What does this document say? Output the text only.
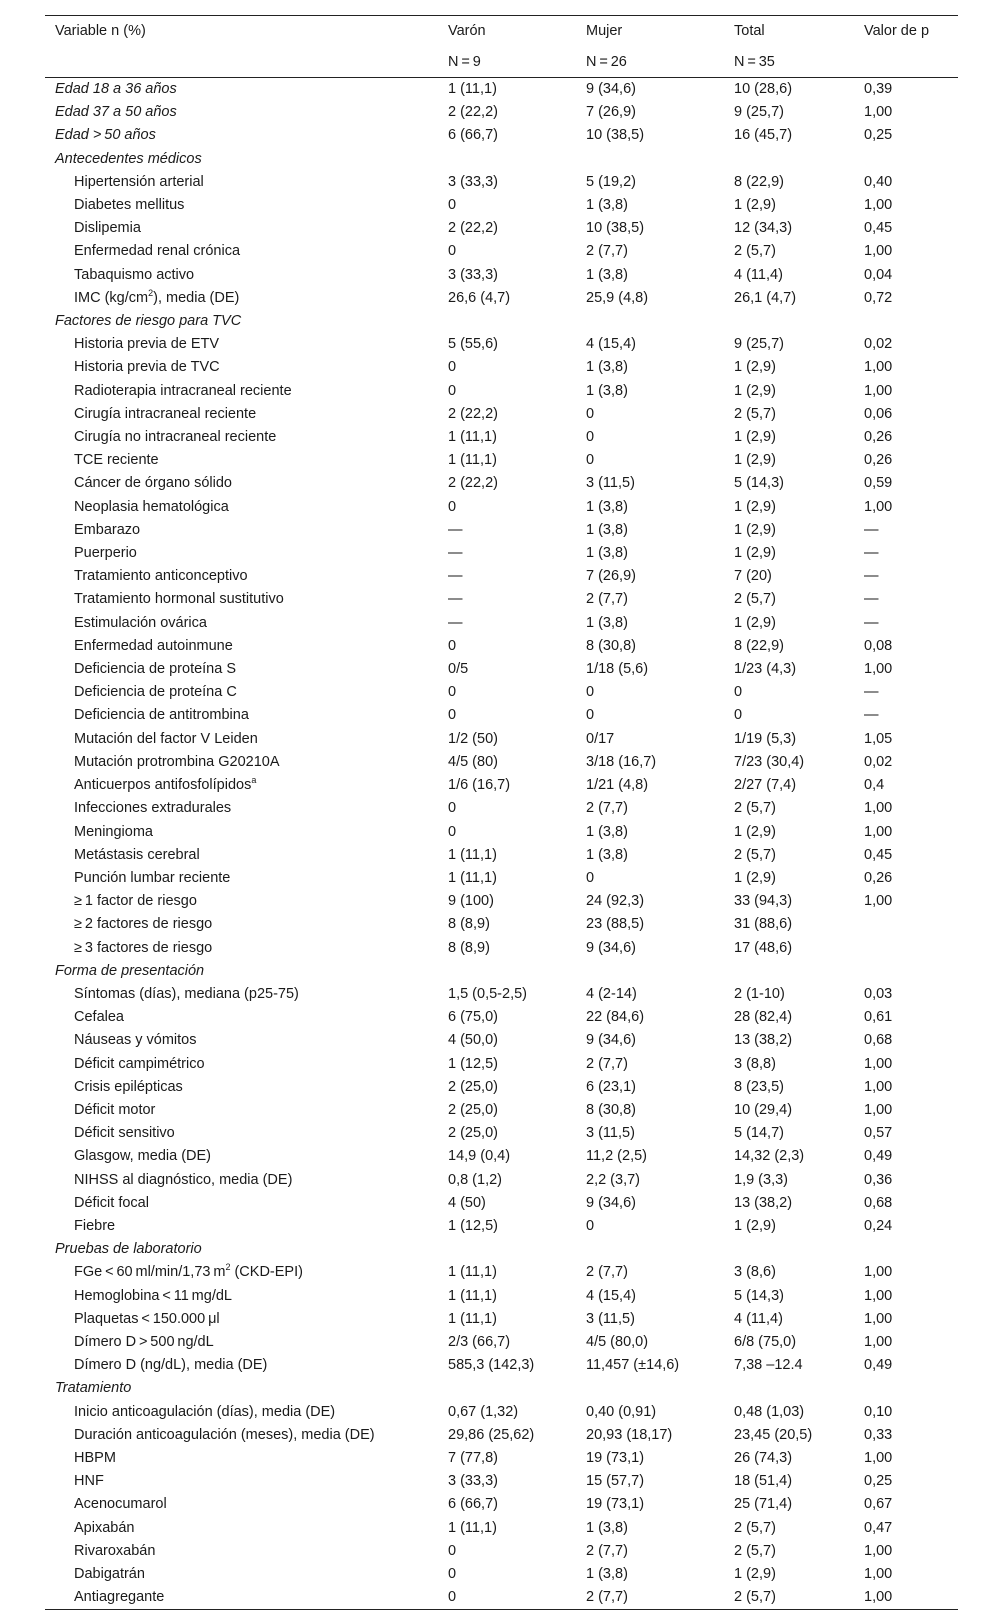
Variable n (%)	Varón	Mujer	Total	Valor de p
	N = 9	N = 26	N = 35	
Edad 18 a 36 años	1 (11,1)	9 (34,6)	10 (28,6)	0,39
Edad 37 a 50 años	2 (22,2)	7 (26,9)	9 (25,7)	1,00
Edad > 50 años	6 (66,7)	10 (38,5)	16 (45,7)	0,25
Antecedentes médicos				
Hipertensión arterial	3 (33,3)	5 (19,2)	8 (22,9)	0,40
Diabetes mellitus	0	1 (3,8)	1 (2,9)	1,00
Dislipemia	2 (22,2)	10 (38,5)	12 (34,3)	0,45
Enfermedad renal crónica	0	2 (7,7)	2 (5,7)	1,00
Tabaquismo activo	3 (33,3)	1 (3,8)	4 (11,4)	0,04
IMC $(kg/cm^2)$, media (DE)	26,6 (4,7)	25,9 (4,8)	26,1 (4,7)	0,72
Factores de riesgo para TVC				
Historia previa de ETV	5 (55,6)	4 (15,4)	9 (25,7)	0,02
Historia previa de TVC	0	1 (3,8)	1 (2,9)	1,00
Radioterapia intracraneal reciente	0	1 (3,8)	1 (2,9)	1,00
Cirugía intracraneal reciente	2 (22,2)	0	2 (5,7)	0,06
Cirugía no intracraneal reciente	1 (11,1)	0	1 (2,9)	0,26
TCE reciente	1 (11,1)	0	1 (2,9)	0,26
Cáncer de órgano sólido	2 (22,2)	3 (11,5)	5 (14,3)	0,59
Neoplasia hematológica	0	1 (3,8)	1 (2,9)	1,00
Embarazo	—	1 (3,8)	1 (2,9)	—
Puerperio	—	1 (3,8)	1 (2,9)	—
Tratamiento anticonceptivo	—	7 (26,9)	7 (20)	—
Tratamiento hormonal sustitutivo	—	2 (7,7)	2 (5,7)	—
Estimulación ovárica	—	1 (3,8)	1 (2,9)	—
Enfermedad autoinmune	0	8 (30,8)	8 (22,9)	0,08
Deficiencia de proteína S	0/5	1/18 (5,6)	1/23 (4,3)	1,00
Deficiencia de proteína C	0	0	0	—
Deficiencia de antitrombina	0	0	0	—
Mutación del factor V Leiden	1/2 (50)	0/17	1/19 (5,3)	1,05
Mutación protrombina G20210A	4/5 (80)	3/18 (16,7)	7/23 (30,4)	0,02
Anticuerpos antifosfolípidos$^a$	1/6 (16,7)	1/21 (4,8)	2/27 (7,4)	0,4
Infecciones extradurales	0	2 (7,7)	2 (5,7)	1,00
Meningioma	0	1 (3,8)	1 (2,9)	1,00
Metástasis cerebral	1 (11,1)	1 (3,8)	2 (5,7)	0,45
Punción lumbar reciente	1 (11,1)	0	1 (2,9)	0,26
≥ 1 factor de riesgo	9 (100)	24 (92,3)	33 (94,3)	1,00
≥ 2 factores de riesgo	8 (8,9)	23 (88,5)	31 (88,6)	
≥ 3 factores de riesgo	8 (8,9)	9 (34,6)	17 (48,6)	
Forma de presentación				
Síntomas (días), mediana (p25-75)	1,5 (0,5-2,5)	4 (2-14)	2 (1-10)	0,03
Cefalea	6 (75,0)	22 (84,6)	28 (82,4)	0,61
Náuseas y vómitos	4 (50,0)	9 (34,6)	13 (38,2)	0,68
Déficit campimétrico	1 (12,5)	2 (7,7)	3 (8,8)	1,00
Crisis epilépticas	2 (25,0)	6 (23,1)	8 (23,5)	1,00
Déficit motor	2 (25,0)	8 (30,8)	10 (29,4)	1,00
Déficit sensitivo	2 (25,0)	3 (11,5)	5 (14,7)	0,57
Glasgow, media (DE)	14,9 (0,4)	11,2 (2,5)	14,32 (2,3)	0,49
NIHSS al diagnóstico, media (DE)	0,8 (1,2)	2,2 (3,7)	1,9 (3,3)	0,36
Déficit focal	4 (50)	9 (34,6)	13 (38,2)	0,68
Fiebre	1 (12,5)	0	1 (2,9)	0,24
Pruebas de laboratorio				
FGe < 60 ml/min/1,73 $m^2$ (CKD-EPI)	1 (11,1)	2 (7,7)	3 (8,6)	1,00
Hemoglobina < 11 mg/dL	1 (11,1)	4 (15,4)	5 (14,3)	1,00
Plaquetas < 150.000 μl	1 (11,1)	3 (11,5)	4 (11,4)	1,00
Dímero D > 500 ng/dL	2/3 (66,7)	4/5 (80,0)	6/8 (75,0)	1,00
Dímero D (ng/dL), media (DE)	585,3 (142,3)	11,457 (±14,6)	7,38 –12.4	0,49
Tratamiento				
Inicio anticoagulación (días), media (DE)	0,67 (1,32)	0,40 (0,91)	0,48 (1,03)	0,10
Duración anticoagulación (meses), media (DE)	29,86 (25,62)	20,93 (18,17)	23,45 (20,5)	0,33
HBPM	7 (77,8)	19 (73,1)	26 (74,3)	1,00
HNF	3 (33,3)	15 (57,7)	18 (51,4)	0,25
Acenocumarol	6 (66,7)	19 (73,1)	25 (71,4)	0,67
Apixabán	1 (11,1)	1 (3,8)	2 (5,7)	0,47
Rivaroxabán	0	2 (7,7)	2 (5,7)	1,00
Dabigatrán	0	1 (3,8)	1 (2,9)	1,00
Antiagregante	0	2 (7,7)	2 (5,7)	1,00
